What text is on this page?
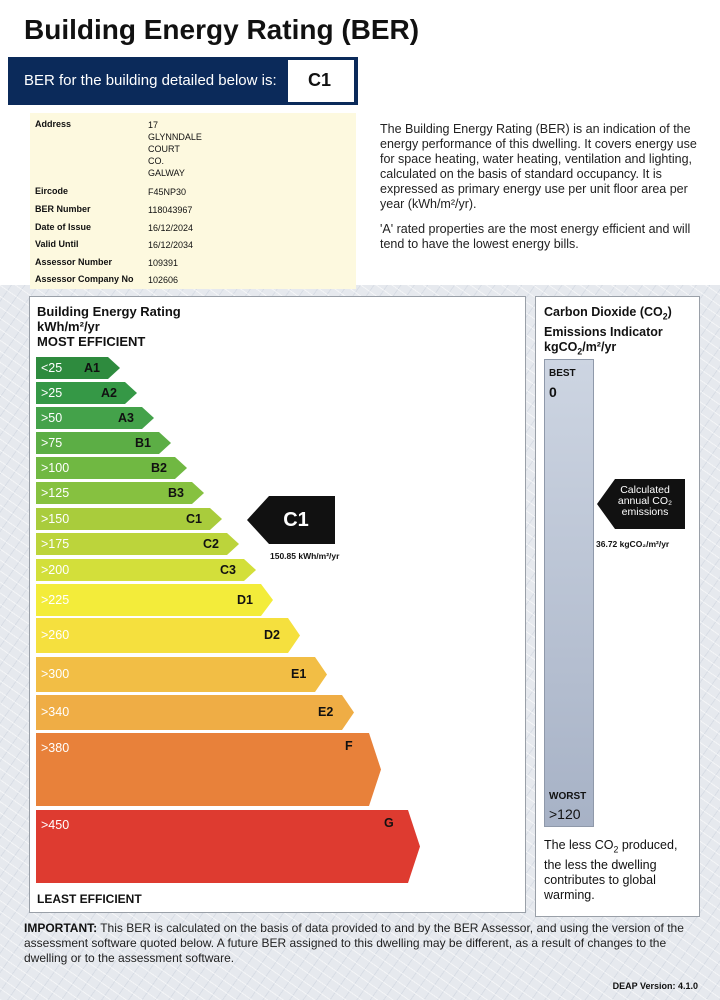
Building Energy Rating (BER)
BER for the building detailed below is: C1
Address	17 GLYNNDALE COURT
CO. GALWAY
Eircode	F45NP30
BER Number	118043967
Date of Issue	16/12/2024
Valid Until	16/12/2034
Assessor Number	109391
Assessor Company No 102606

The Building Energy Rating (BER) is an indication of the energy performance of this dwelling. It covers energy use for space heating, water heating, ventilation and lighting, calculated on the basis of standard occupancy. It is expressed as primary energy use per unit floor area per year (kWh/m²/yr).

'A' rated properties are the most energy efficient and will tend to have the lowest energy bills.

Building Energy Rating
kWh/m²/yr
MOST EFFICIENT
<25 A1
>25	A2
>50	A3
>75	B1
>100	B2
>125	B3
>150	C1
>175	C2
>200	C3
>225	D1
>260	D2
>300	E1
>340	E2
>380	F
>450	G
C1
150.85 kWh/m²/yr
LEAST EFFICIENT
Carbon Dioxide $(CO_2)$
Emissions Indicator
kgCO$_2$/m²/yr
BEST
0
WORST
>120
Calculated
annual CO₂
emissions
36.72 kgCO₂/m²/yr
The less $CO_2$ produced, the less the dwelling contributes to global warming.
IMPORTANT: This BER is calculated on the basis of data provided to and by the BER Assessor, and using the version of the assessment software quoted below. A future BER assigned to this dwelling may be different, as a result of changes to the dwelling or to the assessment software.
DEAP Version: 4.1.0
